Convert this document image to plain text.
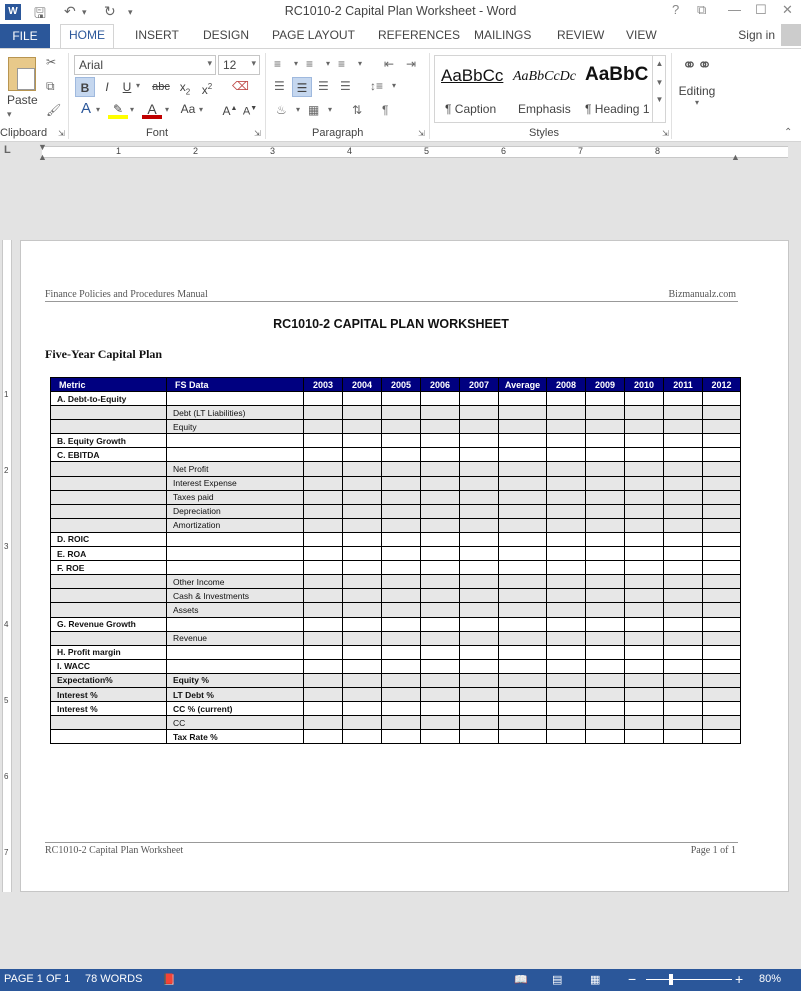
W 🖫 ↶ ▾ ↻ ▾	RC1010-2 Capital Plan Worksheet - Word	? ⧉ — ☐ ✕
FILE	HOME	INSERT DESIGN PAGE LAYOUT REFERENCES MAILINGS REVIEW VIEW	Sign in
Paste
▾
✂
⧉
🖌
Clipboard ⇲
Arial	▾ 12 ▾
B	I	U ▾ abc $x_2$ $x^2$	⌫
A ▾	✎ ▾ A	▾ Aa ▾ A▲ A▼
Font	⇲
≡ ▾ ≡ ▾ ≡ ▾ ⇤ ⇥
☰ ☰ ☰ ☰ ↕≡ ▾
♨ ▾ ▦ ▾ ⇅ ¶
Paragraph	⇲
AaBbCc
¶ Caption
AaBbCcDc
Emphasis
AaBbC
¶ Heading 1
▲
▼
▼
Styles	⇲
⚭⚭
Editing
▾
⌃
L	1	2	3	4	5	6	7	8
▼
▲	▲
1
2
3
4
5
6
7
Finance Policies and Procedures Manual	Bizmanualz.com
RC1010-2 CAPITAL PLAN WORKSHEET
Five-Year Capital Plan
Metric	FS Data	2003	2004	2005	2006	2007	Average	2008	2009	2010	2011	2012
A. Debt-to-Equity												
	Debt (LT Liabilities)											
	Equity											
B. Equity Growth												
C. EBITDA												
	Net Profit											
	Interest Expense											
	Taxes paid											
	Depreciation											
	Amortization											
D. ROIC												
E. ROA												
F. ROE												
	Other Income											
	Cash & Investments											
	Assets											
G. Revenue Growth												
	Revenue											
H. Profit margin												
I. WACC												
Expectation%	Equity %											
Interest %	LT Debt %											
Interest %	CC % (current)											
	CC											
	Tax Rate %											
RC1010-2 Capital Plan Worksheet	Page 1 of 1
PAGE 1 OF 1 78 WORDS 📕	📖 ▤	▦ −	+ 80%
